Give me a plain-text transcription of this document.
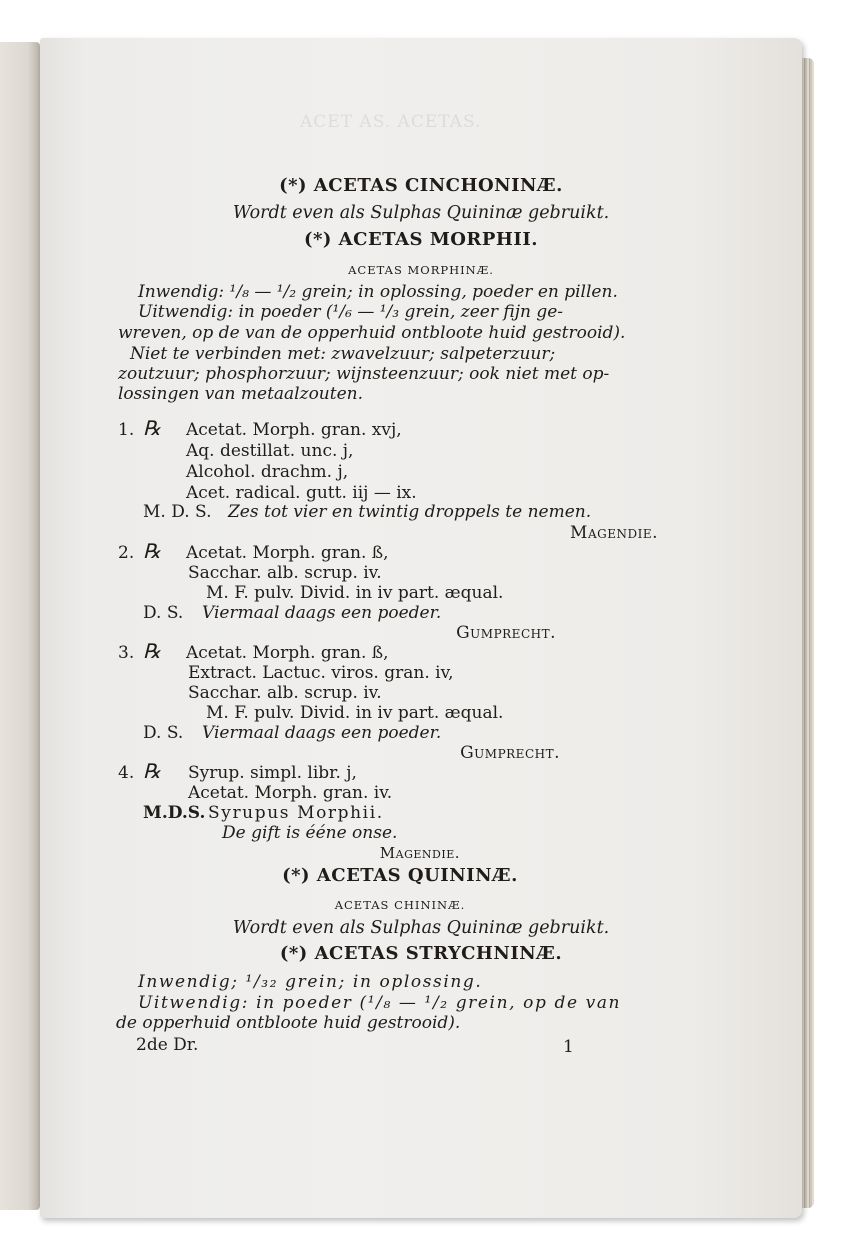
ACET AS. ACETAS.
(*) ACETAS CINCHONINÆ.
Wordt even als Sulphas Quininæ gebruikt.
(*) ACETAS MORPHII.
ACETAS MORPHINÆ.
Inwendig: ¹/₈ — ¹/₂ grein; in oplossing, poeder en pillen.
Uitwendig: in poeder (¹/₆ — ¹/₃ grein, zeer fijn ge-
wreven, op de van de opperhuid ontbloote huid gestrooid).
Niet te verbinden met: zwavelzuur; salpeterzuur;
zoutzuur; phosphorzuur; wijnsteenzuur; ook niet met op-
lossingen van metaalzouten.
1. ℞ Acetat. Morph. gran. xvj,
Aq. destillat. unc. j,
Alcohol. drachm. j,
Acet. radical. gutt. iij — ix.
M. D. S. Zes tot vier en twintig droppels te nemen.
Magendie.
2. ℞ Acetat. Morph. gran. ß,
Sacchar. alb. scrup. iv.
M. F. pulv. Divid. in iv part. æqual.
D. S. Viermaal daags een poeder.
Gumprecht.
3. ℞ Acetat. Morph. gran. ß,
Extract. Lactuc. viros. gran. iv,
Sacchar. alb. scrup. iv.
M. F. pulv. Divid. in iv part. æqual.
D. S. Viermaal daags een poeder.
Gumprecht.
4. ℞ Syrup. simpl. libr. j,
Acetat. Morph. gran. iv.
M.D.S. Syrupus Morphii.
De gift is ééne onse.
Magendie.
(*) ACETAS QUININÆ.
ACETAS CHININÆ.
Wordt even als Sulphas Quininæ gebruikt.
(*) ACETAS STRYCHNINÆ.
Inwendig; ¹/₃₂ grein; in oplossing.
Uitwendig: in poeder (¹/₈ — ¹/₂ grein, op de van
de opperhuid ontbloote huid gestrooid).
2de Dr.	1
